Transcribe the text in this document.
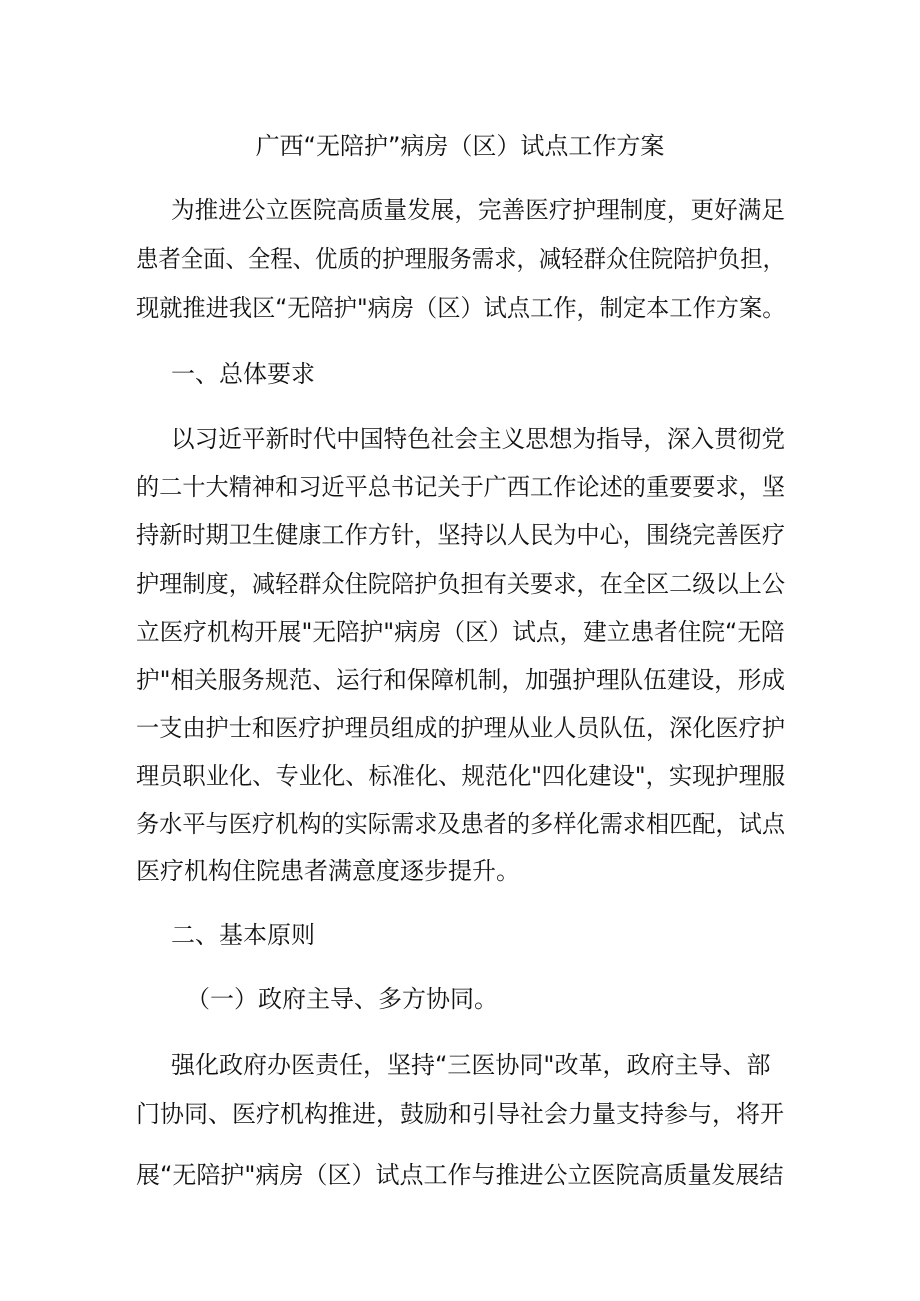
广西“无陪护”病房（区）试点工作方案

为推进公立医院高质量发展，完善医疗护理制度，更好满足

患者全面、全程、优质的护理服务需求，减轻群众住院陪护负担，

现就推进我区“无陪护"病房（区）试点工作，制定本工作方案。

一、总体要求

以习近平新时代中国特色社会主义思想为指导，深入贯彻党

的二十大精神和习近平总书记关于广西工作论述的重要要求，坚

持新时期卫生健康工作方针，坚持以人民为中心，围绕完善医疗

护理制度，减轻群众住院陪护负担有关要求，在全区二级以上公

立医疗机构开展"无陪护"病房（区）试点，建立患者住院“无陪

护"相关服务规范、运行和保障机制，加强护理队伍建设，形成

一支由护士和医疗护理员组成的护理从业人员队伍，深化医疗护

理员职业化、专业化、标准化、规范化"四化建设"，实现护理服

务水平与医疗机构的实际需求及患者的多样化需求相匹配，试点

医疗机构住院患者满意度逐步提升。

二、基本原则

（一）政府主导、多方协同。

强化政府办医责任，坚持“三医协同"改革，政府主导、部

门协同、医疗机构推进，鼓励和引导社会力量支持参与，将开

展“无陪护"病房（区）试点工作与推进公立医院高质量发展结
